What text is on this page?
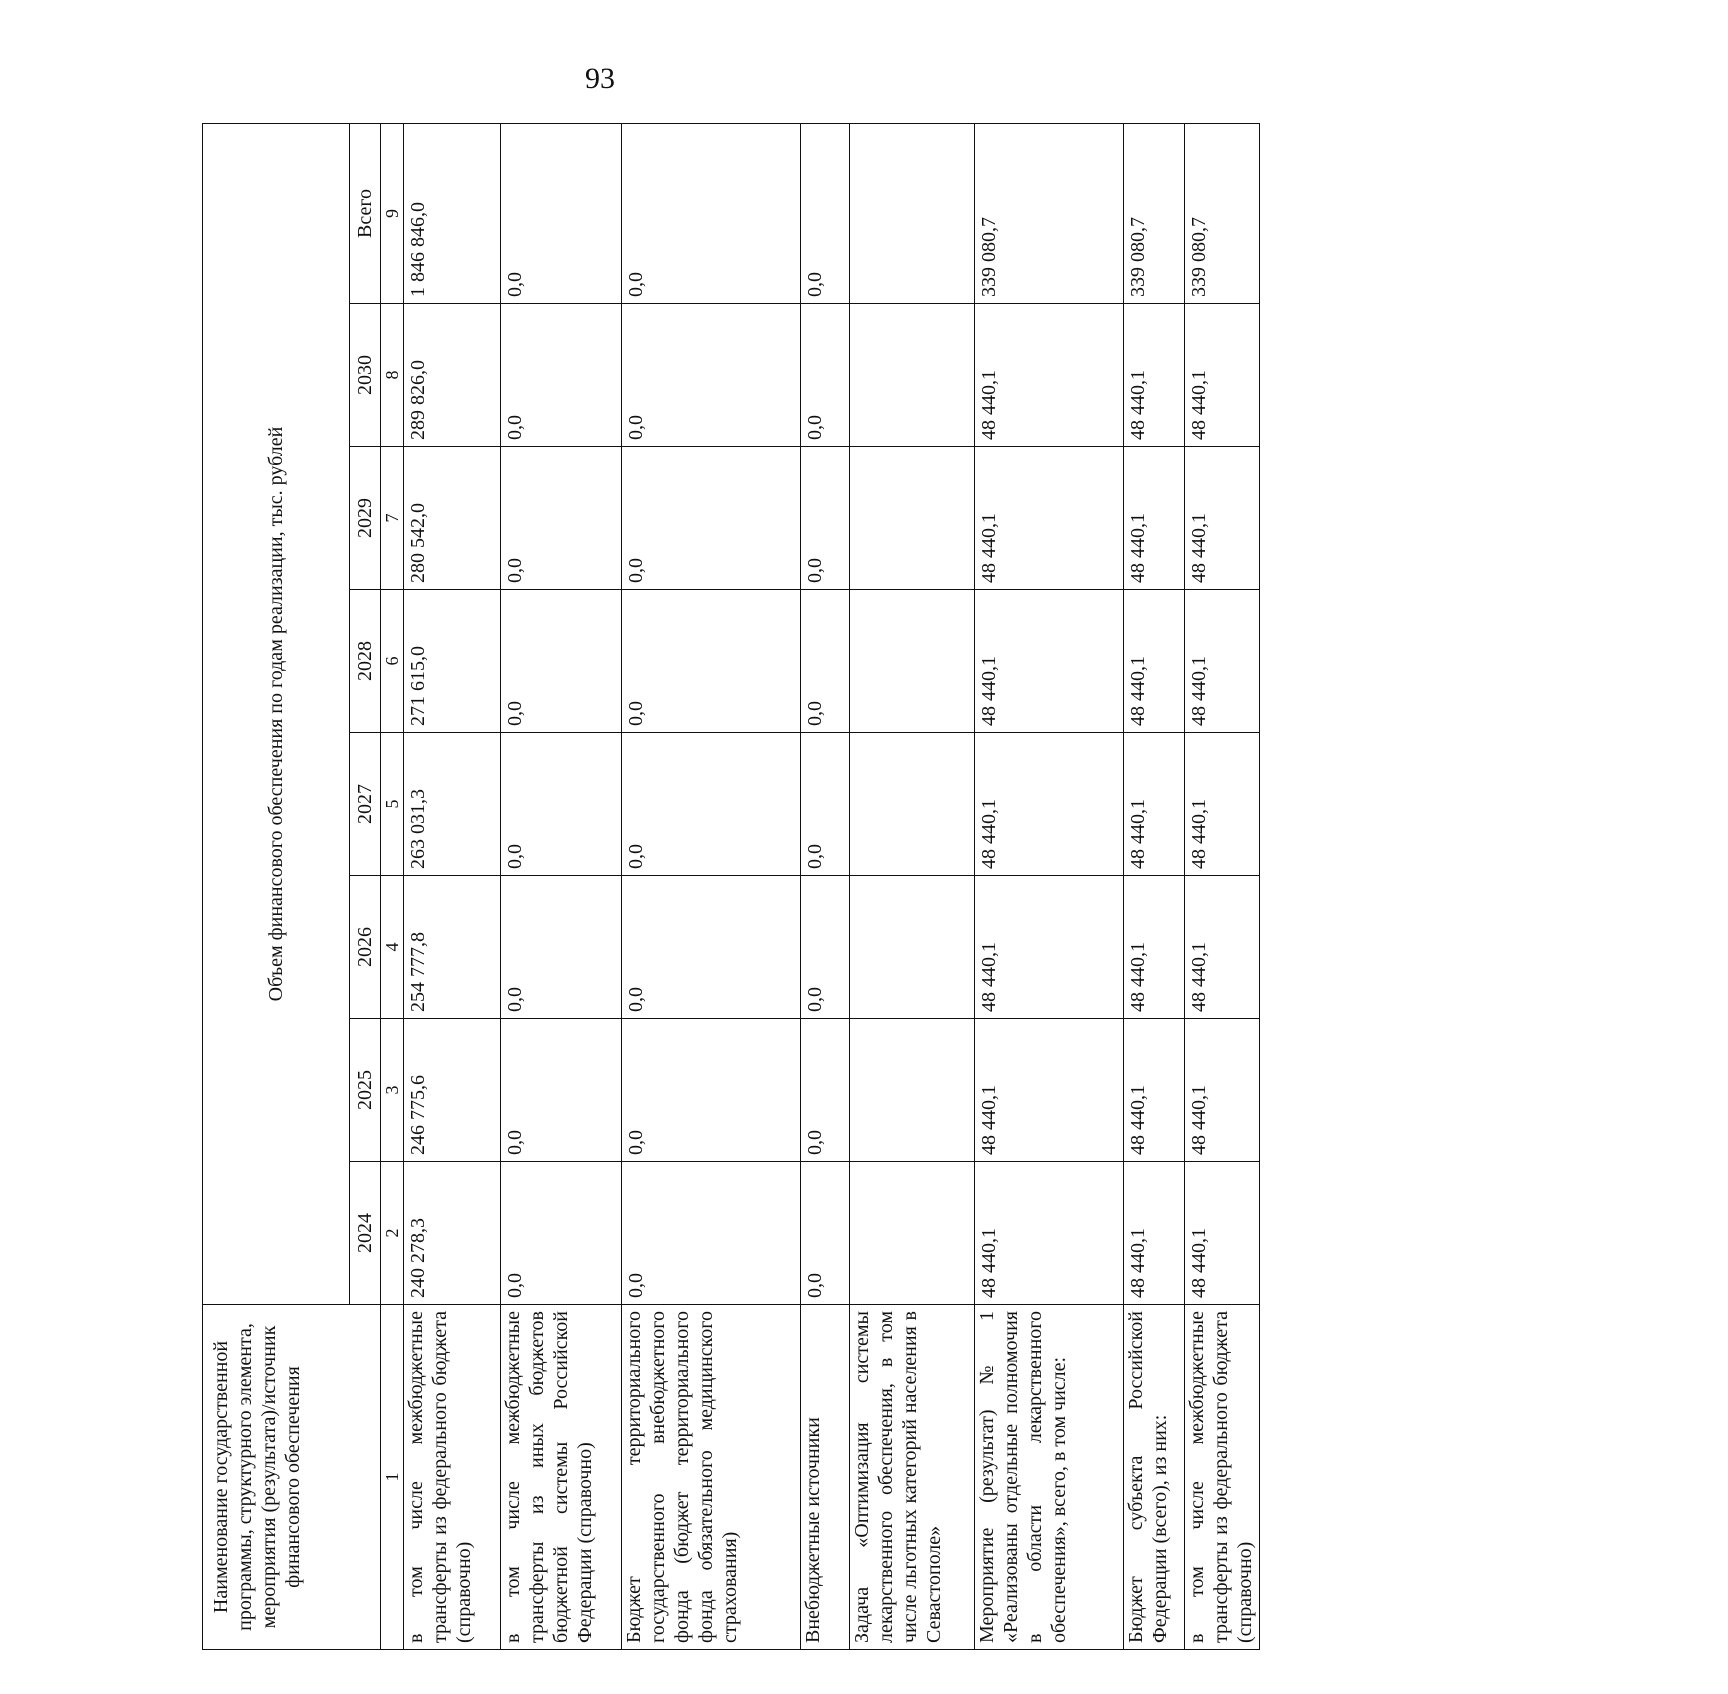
93
Наименование государственной программы, структурного элемента, мероприятия (результата)/источник финансового обеспечения	Объем финансового обеспечения по годам реализации, тыс. рублей							
	2024	2025	2026	2027	2028	2029	2030	Всего
1	2	3	4	5	6	7	8	9
в том числе межбюджетные трансферты из федерального бюджета (справочно)	240 278,3	246 775,6	254 777,8	263 031,3	271 615,0	280 542,0	289 826,0	1 846 846,0
в том числе межбюджетные трансферты из иных бюджетов бюджетной системы Российской Федерации (справочно)	0,0	0,0	0,0	0,0	0,0	0,0	0,0	0,0
Бюджет территориального государственного внебюджетного фонда (бюджет территориального фонда обязательного медицинского страхования)	0,0	0,0	0,0	0,0	0,0	0,0	0,0	0,0
Внебюджетные источники	0,0	0,0	0,0	0,0	0,0	0,0	0,0	0,0
Задача «Оптимизация системы лекарственного обеспечения, в том числе льготных категорий населения в Севастополе»								
Мероприятие (результат) № 1 «Реализованы отдельные полномочия в области лекарственного обеспечения», всего, в том числе:	48 440,1	48 440,1	48 440,1	48 440,1	48 440,1	48 440,1	48 440,1	339 080,7
Бюджет субъекта Российской Федерации (всего), из них:	48 440,1	48 440,1	48 440,1	48 440,1	48 440,1	48 440,1	48 440,1	339 080,7
в том числе межбюджетные трансферты из федерального бюджета (справочно)	48 440,1	48 440,1	48 440,1	48 440,1	48 440,1	48 440,1	48 440,1	339 080,7
